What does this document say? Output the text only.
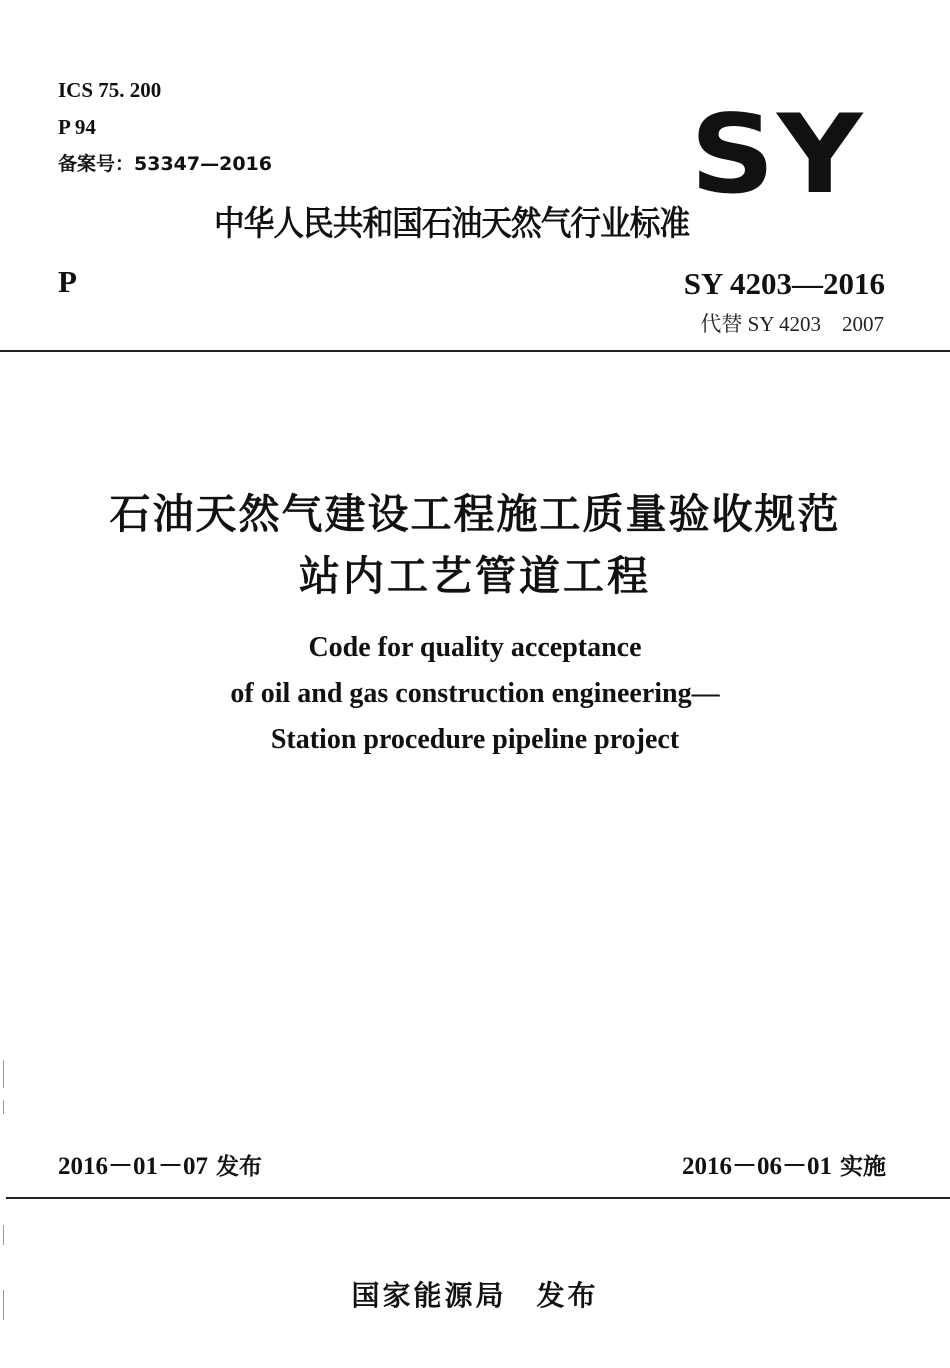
ICS 75. 200
P 94
备案号：53347—2016	SY
中华人民共和国石油天然气行业标准
P	SY 4203—2016
代替 SY 4203　2007
石油天然气建设工程施工质量验收规范
站内工艺管道工程
Code for quality acceptance
of oil and gas construction engineering—
Station procedure pipeline project
2016－01－07 发布	2016－06－01 实施
国家能源局 发布
